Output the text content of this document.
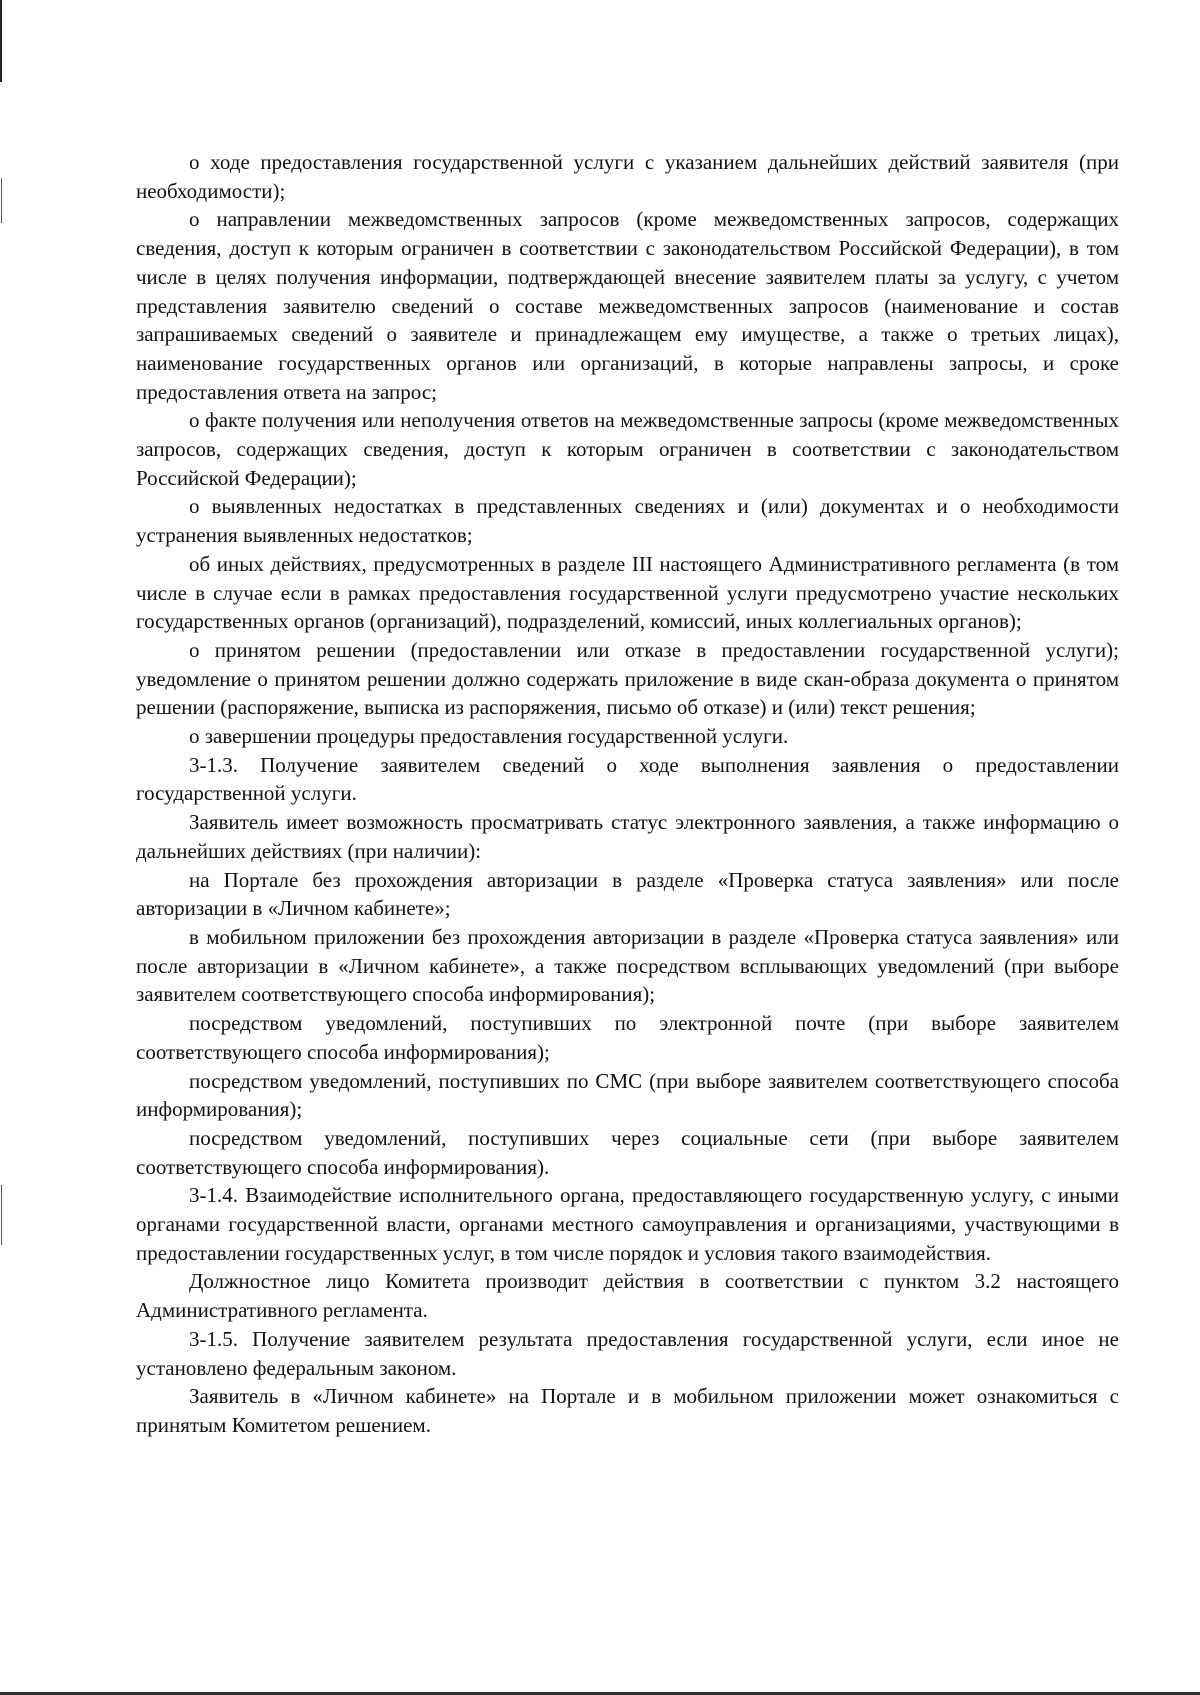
о ходе предоставления государственной услуги с указанием дальнейших действий заявителя (при необходимости);

о направлении межведомственных запросов (кроме межведомственных запросов, содержащих сведения, доступ к которым ограничен в соответствии с законодательством Российской Федерации), в том числе в целях получения информации, подтверждающей внесение заявителем платы за услугу, с учетом представления заявителю сведений о составе межведомственных запросов (наименование и состав запрашиваемых сведений о заявителе и принадлежащем ему имуществе, а также о третьих лицах), наименование государственных органов или организаций, в которые направлены запросы, и сроке предоставления ответа на запрос;

о факте получения или неполучения ответов на межведомственные запросы (кроме межведомственных запросов, содержащих сведения, доступ к которым ограничен в соответствии с законодательством Российской Федерации);

о выявленных недостатках в представленных сведениях и (или) документах и о необходимости устранения выявленных недостатков;

об иных действиях, предусмотренных в разделе III настоящего Административного регламента (в том числе в случае если в рамках предоставления государственной услуги предусмотрено участие нескольких государственных органов (организаций), подразделений, комиссий, иных коллегиальных органов);

о принятом решении (предоставлении или отказе в предоставлении государственной услуги); уведомление о принятом решении должно содержать приложение в виде скан-образа документа о принятом решении (распоряжение, выписка из распоряжения, письмо об отказе) и (или) текст решения;

о завершении процедуры предоставления государственной услуги.

3-1.3. Получение заявителем сведений о ходе выполнения заявления о предоставлении государственной услуги.

Заявитель имеет возможность просматривать статус электронного заявления, а также информацию о дальнейших действиях (при наличии):

на Портале без прохождения авторизации в разделе «Проверка статуса заявления» или после авторизации в «Личном кабинете»;

в мобильном приложении без прохождения авторизации в разделе «Проверка статуса заявления» или после авторизации в «Личном кабинете», а также посредством всплывающих уведомлений (при выборе заявителем соответствующего способа информирования);

посредством уведомлений, поступивших по электронной почте (при выборе заявителем соответствующего способа информирования);

посредством уведомлений, поступивших по СМС (при выборе заявителем соответствующего способа информирования);

посредством уведомлений, поступивших через социальные сети (при выборе заявителем соответствующего способа информирования).

3-1.4. Взаимодействие исполнительного органа, предоставляющего государственную услугу, с иными органами государственной власти, органами местного самоуправления и организациями, участвующими в предоставлении государственных услуг, в том числе порядок и условия такого взаимодействия.

Должностное лицо Комитета производит действия в соответствии с пунктом 3.2 настоящего Административного регламента.

3-1.5. Получение заявителем результата предоставления государственной услуги, если иное не установлено федеральным законом.

Заявитель в «Личном кабинете» на Портале и в мобильном приложении может ознакомиться с принятым Комитетом решением.
